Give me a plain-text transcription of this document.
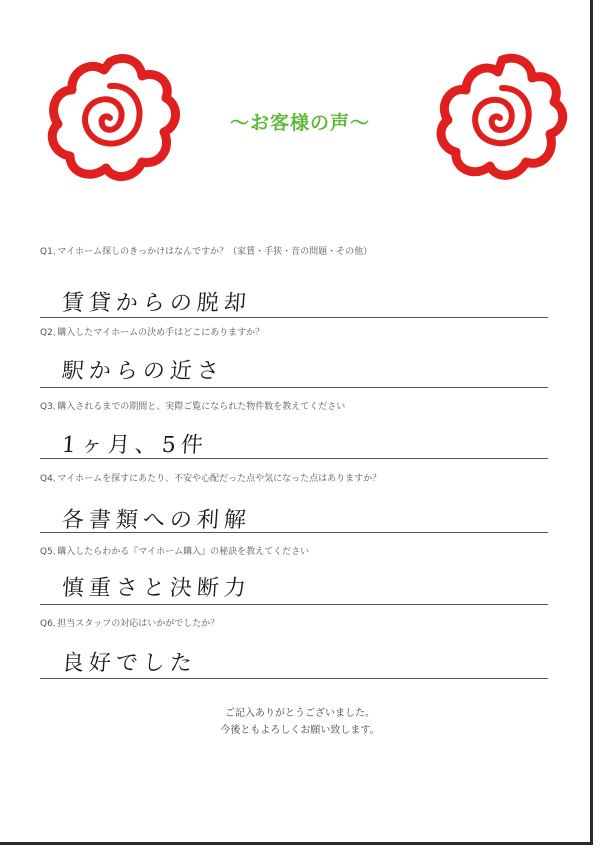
～お客様の声～
Q1､マイホーム探しのきっかけはなんですか？（家賃・手狭・音の問題・その他）
賃貸からの脱却
Q2､購入したマイホームの決め手はどこにありますか？
駅からの近さ
Q3､購入されるまでの期間と、実際ご覧になられた物件数を教えてください
1ヶ月、5件
Q4､マイホームを探すにあたり、不安や心配だった点や気になった点はありますか？
各書類への利解
Q5､購入したらわかる『マイホーム購入』の秘訣を教えてください
慎重さと決断力
Q6､担当スタッフの対応はいかがでしたか？
良好でした
ご記入ありがとうございました。
今後ともよろしくお願い致します。
